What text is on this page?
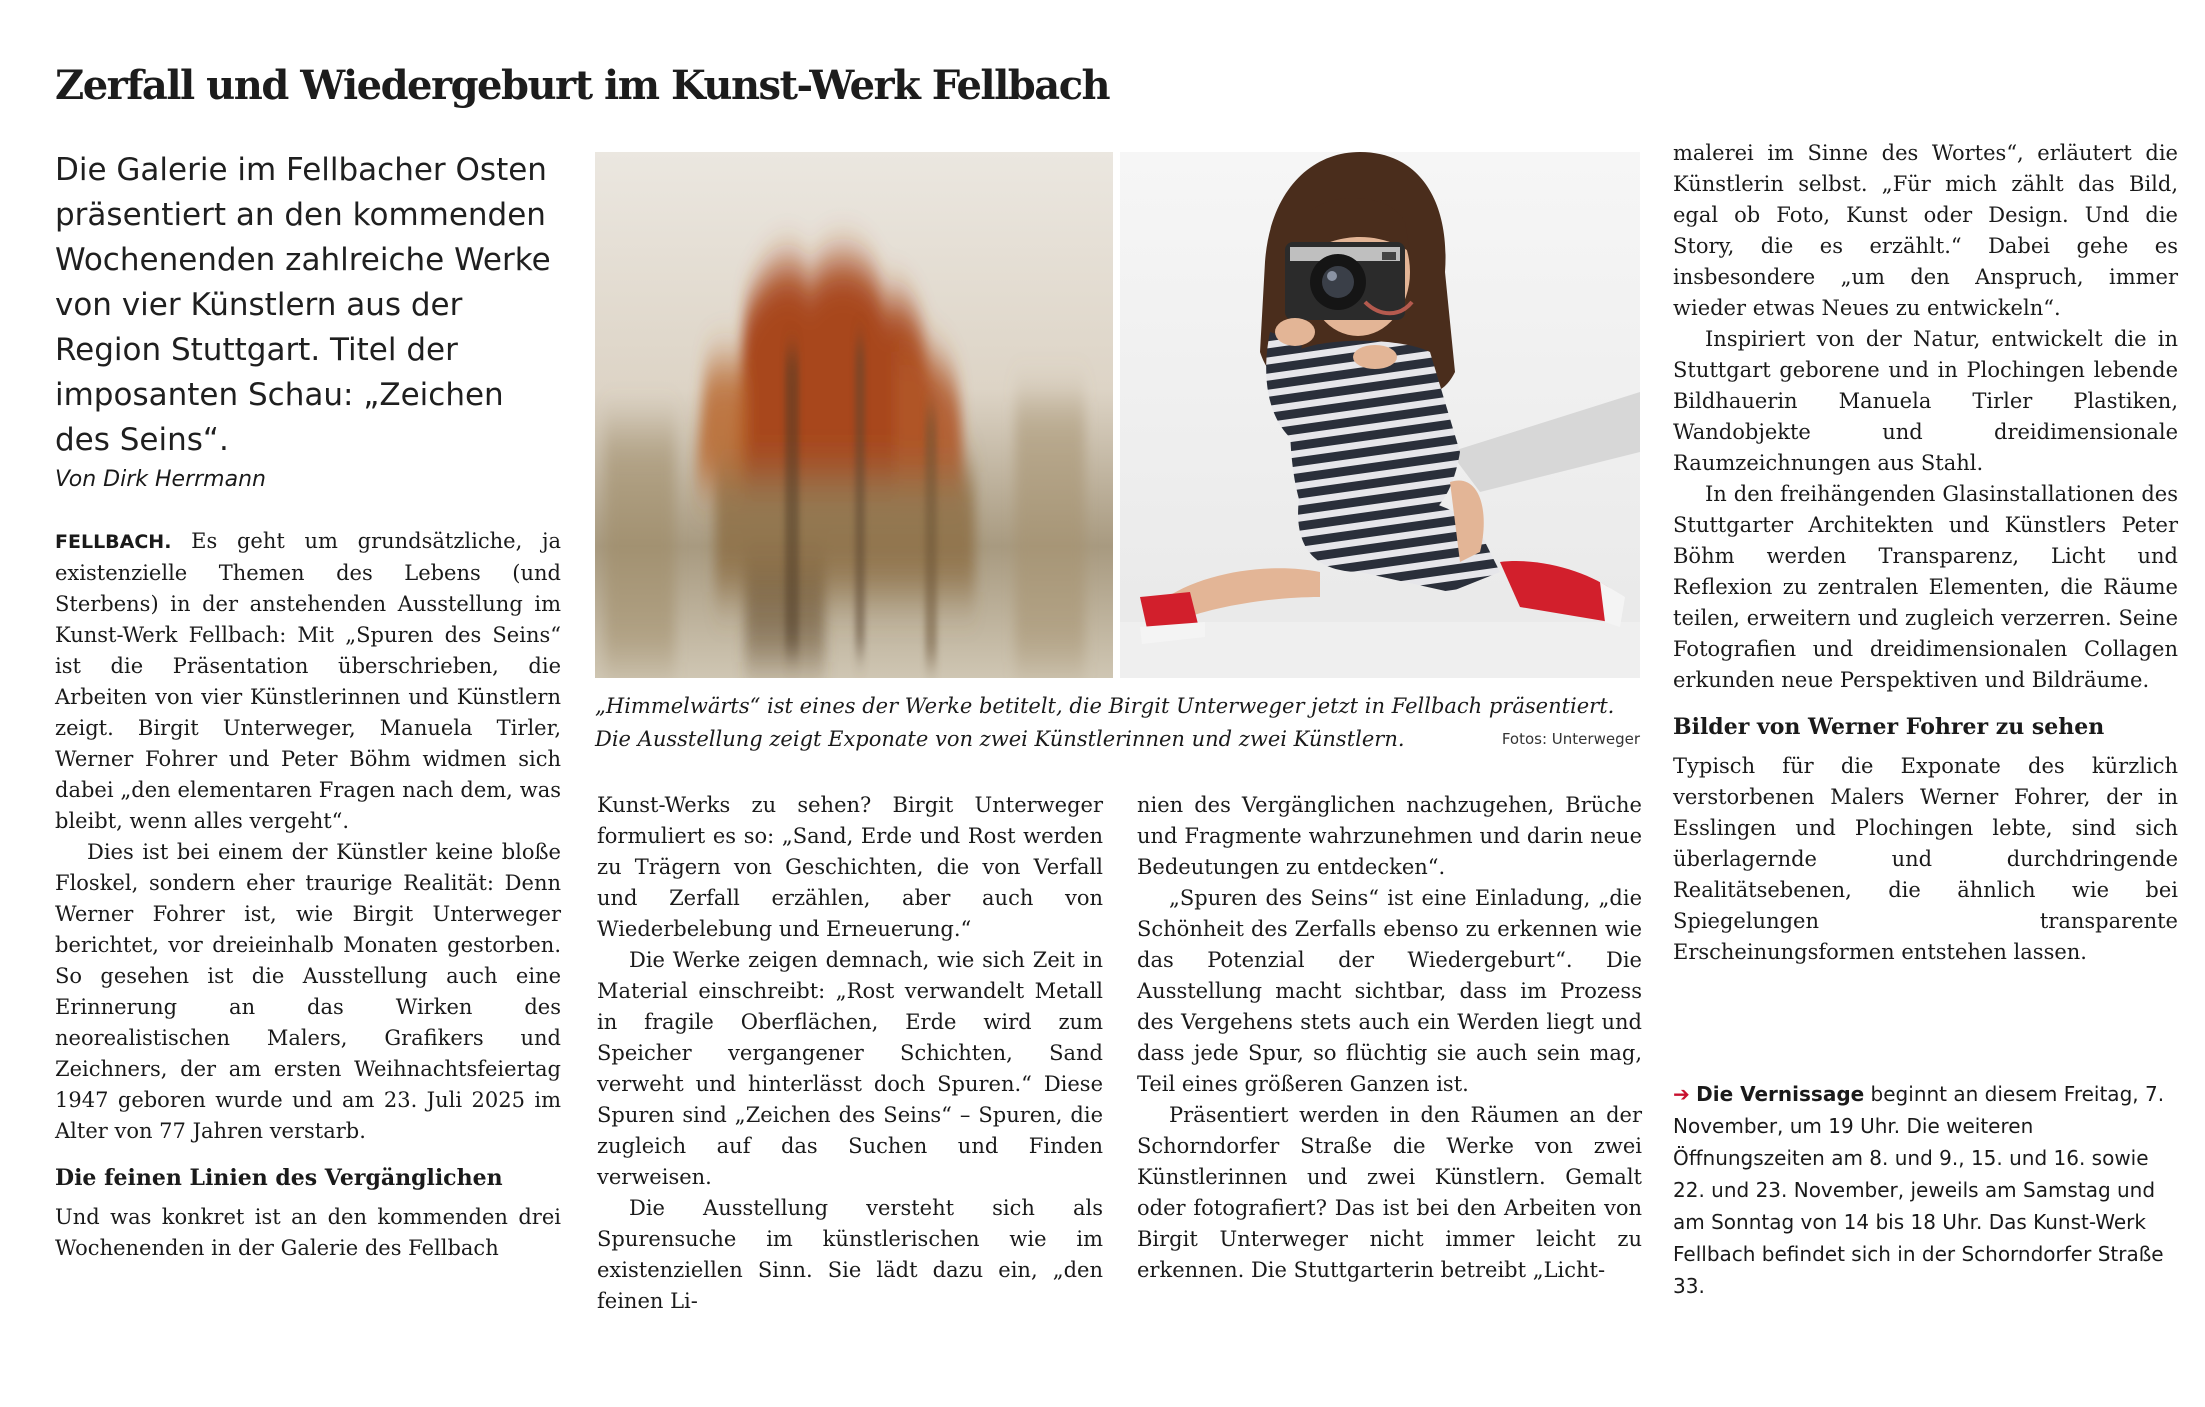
Zerfall und Wiedergeburt im Kunst-Werk Fellbach

Die Galerie im Fellbacher Osten präsentiert an den kommenden Wochenenden zahlreiche Werke von vier Künstlern aus der Region Stuttgart. Titel der imposanten Schau: „Zeichen des Seins“.

Von Dirk Herrmann

FELLBACH. Es geht um grundsätzliche, ja existenzielle Themen des Lebens (und Sterbens) in der anstehenden Ausstellung im Kunst-Werk Fellbach: Mit „Spuren des Seins“ ist die Präsentation überschrieben, die Arbeiten von vier Künstlerinnen und Künstlern zeigt. Birgit Unterweger, Manuela Tirler, Werner Fohrer und Peter Böhm widmen sich dabei „den elementaren Fragen nach dem, was bleibt, wenn alles vergeht“.

Dies ist bei einem der Künstler keine bloße Floskel, sondern eher traurige Realität: Denn Werner Fohrer ist, wie Birgit Unterweger berichtet, vor dreieinhalb Monaten gestorben. So gesehen ist die Ausstellung auch eine Erinnerung an das Wirken des neorealistischen Malers, Grafikers und Zeichners, der am ersten Weihnachtsfeiertag 1947 geboren wurde und am 23. Juli 2025 im Alter von 77 Jahren verstarb.

Die feinen Linien des Vergänglichen

Und was konkret ist an den kommenden drei Wochenenden in der Galerie des Fellbach

„Himmelwärts“ ist eines der Werke betitelt, die Birgit Unterweger jetzt in Fellbach präsentiert.
Die Ausstellung zeigt Exponate von zwei Künstlerinnen und zwei Künstlern.	Fotos: Unterweger

Kunst-Werks zu sehen? Birgit Unterweger formuliert es so: „Sand, Erde und Rost werden zu Trägern von Geschichten, die von Verfall und Zerfall erzählen, aber auch von Wiederbelebung und Erneuerung.“

Die Werke zeigen demnach, wie sich Zeit in Material einschreibt: „Rost verwandelt Metall in fragile Oberflächen, Erde wird zum Speicher vergangener Schichten, Sand verweht und hinterlässt doch Spuren.“ Diese Spuren sind „Zeichen des Seins“ – Spuren, die zugleich auf das Suchen und Finden verweisen.

Die Ausstellung versteht sich als Spurensuche im künstlerischen wie im existenziellen Sinn. Sie lädt dazu ein, „den feinen Li-

nien des Vergänglichen nachzugehen, Brüche und Fragmente wahrzunehmen und darin neue Bedeutungen zu entdecken“.

„Spuren des Seins“ ist eine Einladung, „die Schönheit des Zerfalls ebenso zu erkennen wie das Potenzial der Wiedergeburt“. Die Ausstellung macht sichtbar, dass im Prozess des Vergehens stets auch ein Werden liegt und dass jede Spur, so flüchtig sie auch sein mag, Teil eines größeren Ganzen ist.

Präsentiert werden in den Räumen an der Schorndorfer Straße die Werke von zwei Künstlerinnen und zwei Künstlern. Gemalt oder fotografiert? Das ist bei den Arbeiten von Birgit Unterweger nicht immer leicht zu erkennen. Die Stuttgarterin betreibt „Licht-

malerei im Sinne des Wortes“, erläutert die Künstlerin selbst. „Für mich zählt das Bild, egal ob Foto, Kunst oder Design. Und die Story, die es erzählt.“ Dabei gehe es insbesondere „um den Anspruch, immer wieder etwas Neues zu entwickeln“.

Inspiriert von der Natur, entwickelt die in Stuttgart geborene und in Plochingen lebende Bildhauerin Manuela Tirler Plastiken, Wandobjekte und dreidimensionale Raumzeichnungen aus Stahl.

In den freihängenden Glasinstallationen des Stuttgarter Architekten und Künstlers Peter Böhm werden Transparenz, Licht und Reflexion zu zentralen Elementen, die Räume teilen, erweitern und zugleich verzerren. Seine Fotografien und dreidimensionalen Collagen erkunden neue Perspektiven und Bildräume.

Bilder von Werner Fohrer zu sehen

Typisch für die Exponate des kürzlich verstorbenen Malers Werner Fohrer, der in Esslingen und Plochingen lebte, sind sich überlagernde und durchdringende Realitätsebenen, die ähnlich wie bei Spiegelungen transparente Erscheinungsformen entstehen lassen.

➔ Die Vernissage beginnt an diesem Freitag, 7. November, um 19 Uhr. Die weiteren Öffnungszeiten am 8. und 9., 15. und 16. sowie 22. und 23. November, jeweils am Samstag und am Sonntag von 14 bis 18 Uhr. Das Kunst-Werk Fellbach befindet sich in der Schorndorfer Straße 33.
